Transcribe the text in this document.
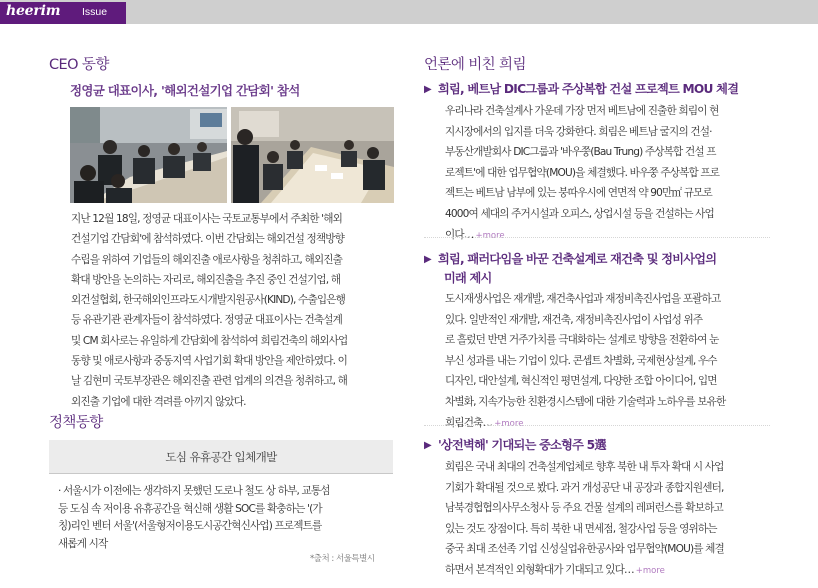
heerim Issue
CEO 동향
정영균 대표이사, '해외건설기업 간담회' 참석
지난 12월 18일, 정영균 대표이사는 국토교통부에서 주최한 '해외
건설기업 간담회'에 참석하였다. 이번 간담회는 해외건설 정책방향
수립을 위하여 기업들의 해외진출 애로사항을 청취하고, 해외진출
확대 방안을 논의하는 자리로, 해외진출을 추진 중인 건설기업, 해
외건설협회, 한국해외인프라도시개발지원공사(KIND), 수출입은행
등 유관기관 관계자들이 참석하였다. 정영균 대표이사는 건축설계
및 CM 회사로는 유일하게 간담회에 참석하여 희림건축의 해외사업
동향 및 애로사항과 중동지역 사업기회 확대 방안을 제안하였다. 이
날 김현미 국토부장관은 해외진출 관련 업계의 의견을 청취하고, 해
외진출 기업에 대한 격려를 아끼지 않았다.
정책동향
도심 유휴공간 입체개발
· 서울시가 이전에는 생각하지 못했던 도로나 철도 상 하부, 교통섬
등 도심 속 저이용 유휴공간을 혁신해 생활 SOC를 확충하는 '(가
칭)리인 벤터 서울'(서울형저이용도시공간혁신사업) 프로젝트를
새롭게 시작
*출처 : 서울특별시
언론에 비친 희림
▶ 희림, 베트남 DIC그룹과 주상복합 건설 프로젝트 MOU 체결
우리나라 건축설계사 가운데 가장 먼저 베트남에 진출한 희림이 현
지시장에서의 입지를 더욱 강화한다. 희림은 베트남 굴지의 건설·
부동산개발회사 DIC그룹과 '바우쭝(Bau Trung) 주상복합 건설 프
로젝트'에 대한 업무협약(MOU)을 체결했다. 바우쭝 주상복합 프로
젝트는 베트남 남부에 있는 붕따우시에 연면적 약 90만㎡ 규모로
4000여 세대의 주거시설과 오피스, 상업시설 등을 건설하는 사업
이다… +more
▶ 희림, 패러다임을 바꾼 건축설계로 재건축 및 정비사업의
미래 제시
도시재생사업은 재개발, 재건축사업과 재정비촉진사업을 포괄하고
있다. 일반적인 재개발, 재건축, 재정비촉진사업이 사업성 위주
로 흘렀던 반면 거주가치를 극대화하는 설계로 방향을 전환하여 눈
부신 성과를 내는 기업이 있다. 콘셉트 차별화, 국제현상설계, 우수
디자인, 대안설계, 혁신적인 평면설계, 다양한 조합 아이디어, 입면
차별화, 지속가능한 친환경시스템에 대한 기술력과 노하우를 보유한
희림건축… +more
▶ '상전벽해' 기대되는 중소형주 5選
희림은 국내 최대의 건축설계업체로 향후 북한 내 투자 확대 시 사업
기회가 확대될 것으로 봤다. 과거 개성공단 내 공장과 종합지원센터,
남북경협협의사무소청사 등 주요 건물 설계의 레퍼런스를 확보하고
있는 것도 장점이다. 특히 북한 내 면세점, 철강사업 등을 영위하는
중국 최대 조선족 기업 신성실업유한공사와 업무협약(MOU)를 체결
하면서 본격적인 외형확대가 기대되고 있다… +more
